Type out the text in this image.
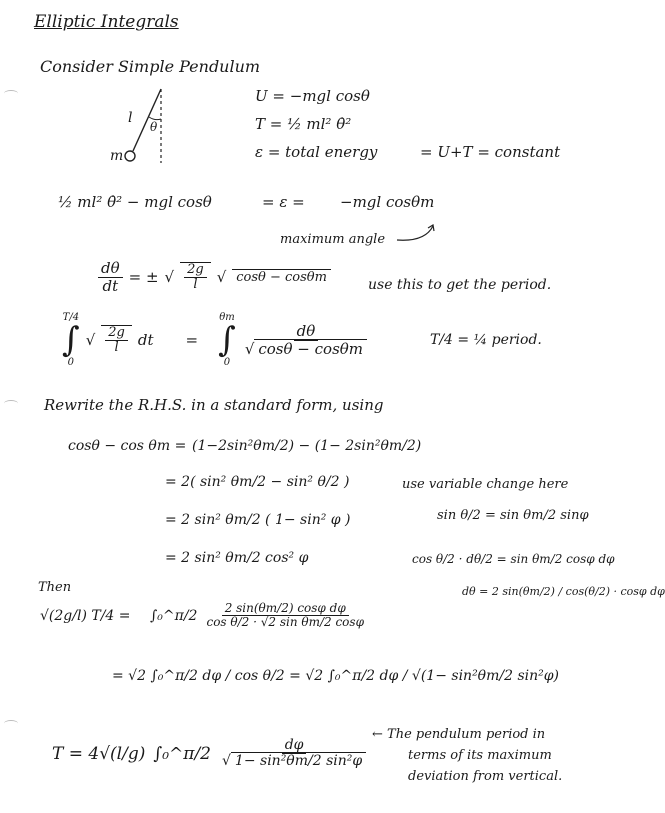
Elliptic Integrals
Consider Simple Pendulum
l
θ
m
U = −mgl cosθ
T = ½ ml² θ̇²
ε = total energy	= U+T = constant
½ ml² θ̇² − mgl cosθ	= ε = −mgl cosθm
maximum angle
$\frac{d\theta}{dt}$ = ± √ $\frac{2g}{l}$ √ cosθ − cosθm	use this to get the period.
T/4
∫
0
√ $\frac{2g}{l}$ dt =
θm
∫
0
$\frac{d\theta}{√ \cos\theta - \cos\theta m}$	T/4 = ¼ period.
Rewrite the R.H.S. in a standard form, using
cosθ − cos θm = (1−2sin²θm/2) − (1− 2sin²θm/2)
= 2( sin² θm/2 − sin² θ/2 )
= 2 sin² θm/2 ( 1− sin² φ )
= 2 sin² θm/2 cos² φ
use variable change here
sin θ/2 = sin θm/2 sinφ
cos θ/2 · dθ/2 = sin θm/2 cosφ dφ
dθ = 2 sin(θm/2) / cos(θ/2) · cosφ dφ
Then
√(2g/l) T/4 = ∫₀^π/2 $\frac{\text{2 sin(θm/2) cosφ dφ}}{\text{cos θ/2 · √2 sin θm/2 cosφ}}$
= √2 ∫₀^π/2 dφ / cos θ/2 = √2 ∫₀^π/2 dφ / √(1− sin²θm/2 sin²φ)
T = 4√(l/g) ∫₀^π/2 $\frac{d\varphi}{\text{√ 1− sin²θm/2 sin²φ}}$
← The pendulum period in
terms of its maximum
deviation from vertical.
